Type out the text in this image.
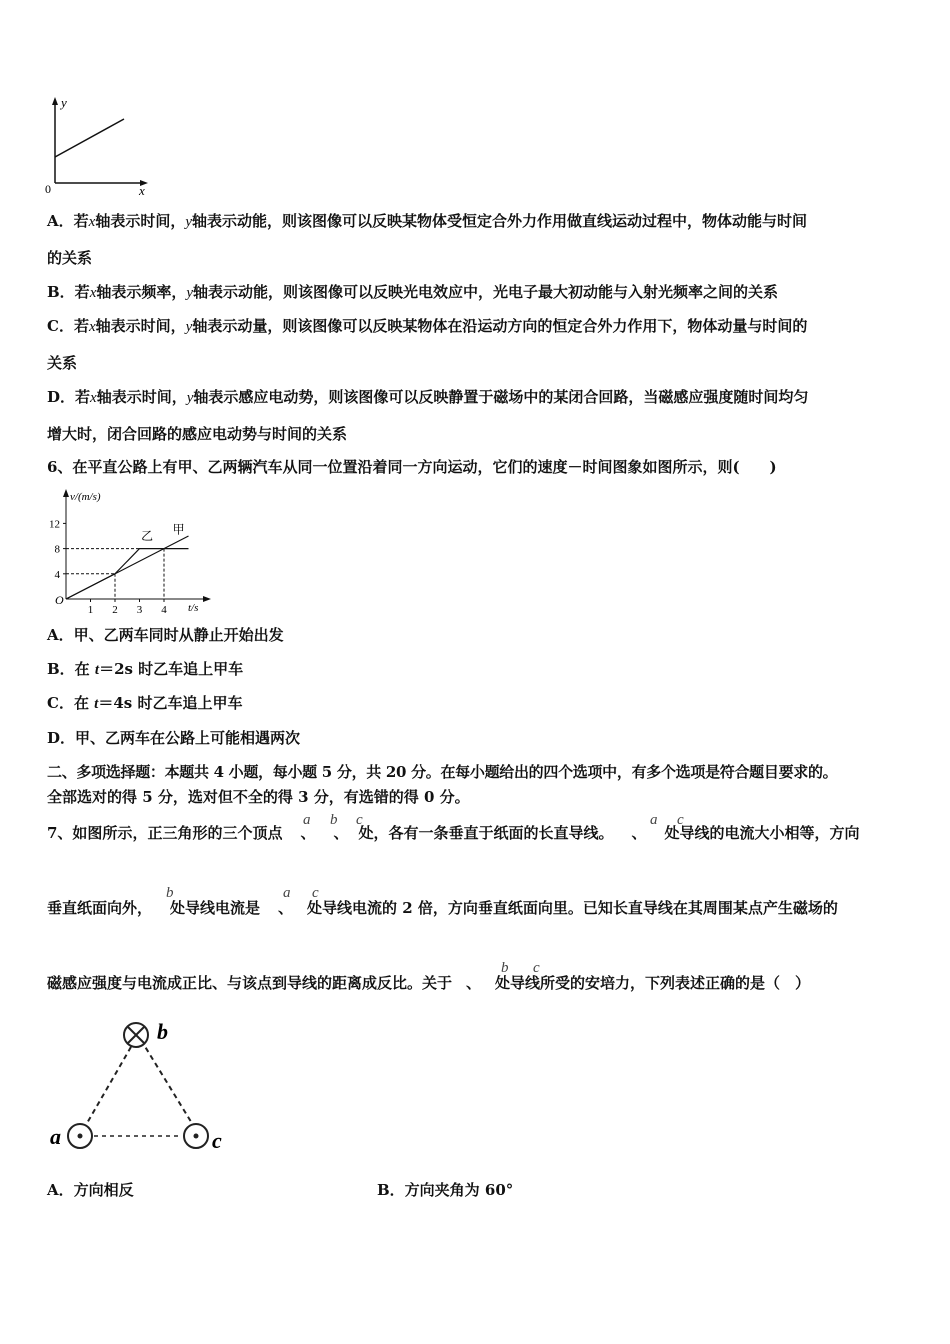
y
x
0
A．若x轴表示时间，y轴表示动能，则该图像可以反映某物体受恒定合外力作用做直线运动过程中，物体动能与时间
的关系
B．若x轴表示频率，y轴表示动能，则该图像可以反映光电效应中，光电子最大初动能与入射光频率之间的关系
C．若x轴表示时间，y轴表示动量，则该图像可以反映某物体在沿运动方向的恒定合外力作用下，物体动量与时间的
关系
D．若x轴表示时间，y轴表示感应电动势，则该图像可以反映静置于磁场中的某闭合回路，当磁感应强度随时间均匀
增大时，闭合回路的感应电动势与时间的关系
6、在平直公路上有甲、乙两辆汽车从同一位置沿着同一方向运动，它们的速度－时间图象如图所示，则(　　)
v/(m/s)
t/s
O
12
8
4
1 2 3 4
甲
乙
A．甲、乙两车同时从静止开始出发
B．在 t＝2s 时乙车追上甲车
C．在 t＝4s 时乙车追上甲车
D．甲、乙两车在公路上可能相遇两次
二、多项选择题：本题共 4 小题，每小题 5 分，共 20 分。在每小题给出的四个选项中，有多个选项是符合题目要求的。
全部选对的得 5 分，选对但不全的得 3 分，有选错的得 0 分。
7、如图所示，正三角形的三个顶点 、 、 处，各有一条垂直于纸面的长直导线。 、 处导线的电流大小相等，方向
a b c	a c
垂直纸面向外， 处导线电流是 、 处导线电流的 2 倍，方向垂直纸面向里。已知长直导线在其周围某点产生磁场的
b	a c
磁感应强度与电流成正比、与该点到导线的距离成反比。关于 、 处导线所受的安培力，下列表述正确的是（　）
b c
b
a	c
A．方向相反	B．方向夹角为 60°
